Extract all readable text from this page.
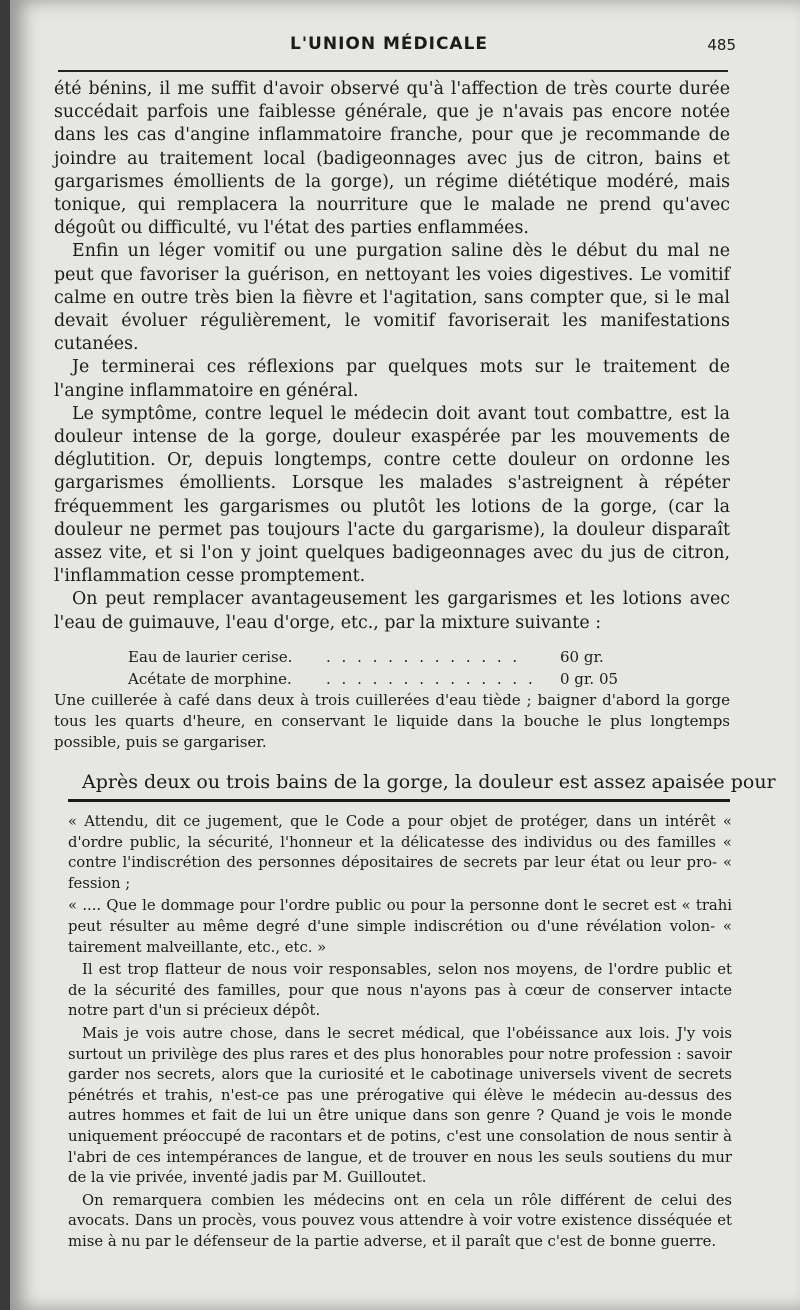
L'UNION MÉDICALE	485

été bénins, il me suffit d'avoir observé qu'à l'affection de très courte durée succédait parfois une faiblesse générale, que je n'avais pas encore notée dans les cas d'angine inflammatoire franche, pour que je recommande de joindre au traitement local (badigeonnages avec jus de citron, bains et gargarismes émollients de la gorge), un régime diététique modéré, mais tonique, qui remplacera la nourriture que le malade ne prend qu'avec dégoût ou difficulté, vu l'état des parties enflammées.

Enfin un léger vomitif ou une purgation saline dès le début du mal ne peut que favoriser la guérison, en nettoyant les voies digestives. Le vomitif calme en outre très bien la fièvre et l'agitation, sans compter que, si le mal devait évoluer régulièrement, le vomitif favoriserait les manifestations cutanées.

Je terminerai ces réflexions par quelques mots sur le traitement de l'angine inflammatoire en général.

Le symptôme, contre lequel le médecin doit avant tout combattre, est la douleur intense de la gorge, douleur exaspérée par les mouvements de déglutition. Or, depuis longtemps, contre cette douleur on ordonne les gargarismes émollients. Lorsque les malades s'astreignent à répéter fréquemment les gargarismes ou plutôt les lotions de la gorge, (car la douleur ne permet pas toujours l'acte du gargarisme), la douleur disparaît assez vite, et si l'on y joint quelques badigeonnages avec du jus de citron, l'inflammation cesse promptement.

On peut remplacer avantageusement les gargarismes et les lotions avec l'eau de guimauve, l'eau d'orge, etc., par la mixture suivante :

Eau de laurier cerise. . . . . . . . . . . . . .	60 gr.
Acétate de morphine. . . . . . . . . . . . . . . 0 gr. 05
Une cuillerée à café dans deux à trois cuillerées d'eau tiède ; baigner d'abord la gorge tous les quarts d'heure, en conservant le liquide dans la bouche le plus longtemps possible, puis se gargariser.
Après deux ou trois bains de la gorge, la douleur est assez apaisée pour

« Attendu, dit ce jugement, que le Code a pour objet de protéger, dans un intérêt « d'ordre public, la sécurité, l'honneur et la délicatesse des individus ou des familles « contre l'indiscrétion des personnes dépositaires de secrets par leur état ou leur pro- « fession ;

« .... Que le dommage pour l'ordre public ou pour la personne dont le secret est « trahi peut résulter au même degré d'une simple indiscrétion ou d'une révélation volon- « tairement malveillante, etc., etc. »

Il est trop flatteur de nous voir responsables, selon nos moyens, de l'ordre public et de la sécurité des familles, pour que nous n'ayons pas à cœur de conserver intacte notre part d'un si précieux dépôt.

Mais je vois autre chose, dans le secret médical, que l'obéissance aux lois. J'y vois surtout un privilège des plus rares et des plus honorables pour notre profession : savoir garder nos secrets, alors que la curiosité et le cabotinage universels vivent de secrets pénétrés et trahis, n'est-ce pas une prérogative qui élève le médecin au-dessus des autres hommes et fait de lui un être unique dans son genre ? Quand je vois le monde uniquement préoccupé de racontars et de potins, c'est une consolation de nous sentir à l'abri de ces intempérances de langue, et de trouver en nous les seuls soutiens du mur de la vie privée, inventé jadis par M. Guilloutet.

On remarquera combien les médecins ont en cela un rôle différent de celui des avocats. Dans un procès, vous pouvez vous attendre à voir votre existence disséquée et mise à nu par le défenseur de la partie adverse, et il paraît que c'est de bonne guerre.
